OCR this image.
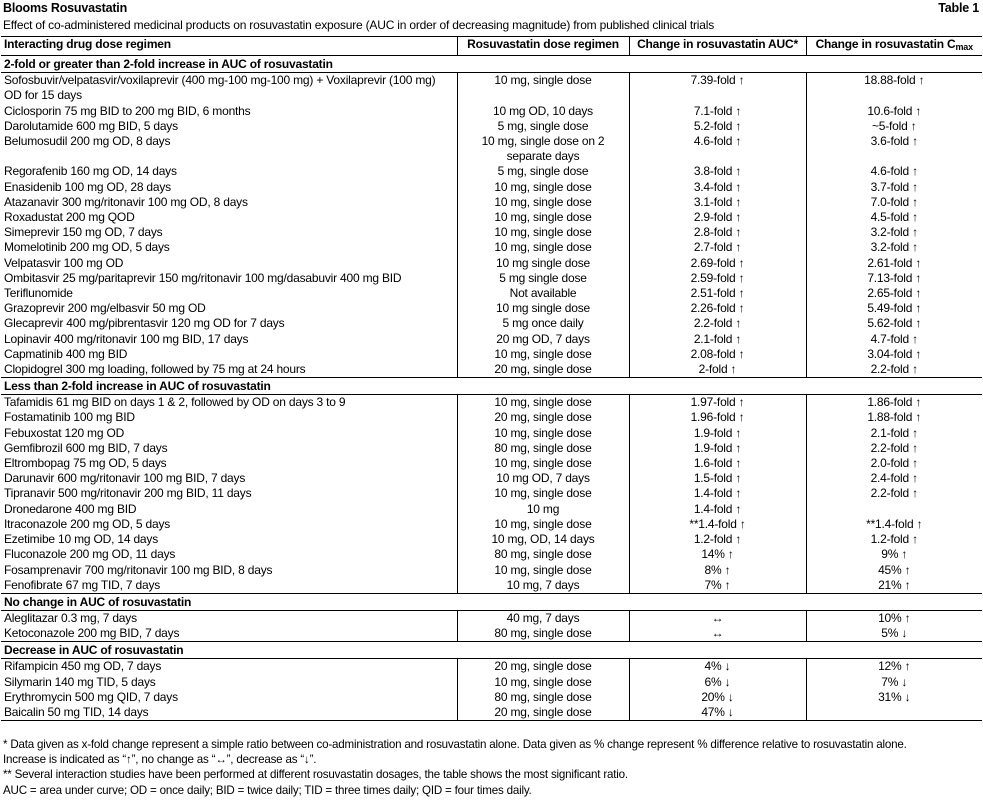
Blooms Rosuvastatin	Table 1
Effect of co-administered medicinal products on rosuvastatin exposure (AUC in order of decreasing magnitude) from published clinical trials
Interacting drug dose regimen	Rosuvastatin dose regimen	Change in rosuvastatin AUC*	Change in rosuvastatin $C_{max}$
2-fold or greater than 2-fold increase in AUC of rosuvastatin			
Sofosbuvir/velpatasvir/voxilaprevir (400 mg-100 mg-100 mg) + Voxilaprevir (100 mg) OD for 15 days	10 mg, single dose	7.39-fold ↑	18.88-fold ↑
Ciclosporin 75 mg BID to 200 mg BID, 6 months	10 mg OD, 10 days	7.1-fold ↑	10.6-fold ↑
Darolutamide 600 mg BID, 5 days	5 mg, single dose	5.2-fold ↑	~5-fold ↑
Belumosudil 200 mg OD, 8 days	10 mg, single dose on 2 separate days	4.6-fold ↑	3.6-fold ↑
Regorafenib 160 mg OD, 14 days	5 mg, single dose	3.8-fold ↑	4.6-fold ↑
Enasidenib 100 mg OD, 28 days	10 mg, single dose	3.4-fold ↑	3.7-fold ↑
Atazanavir 300 mg/ritonavir 100 mg OD, 8 days	10 mg, single dose	3.1-fold ↑	7.0-fold ↑
Roxadustat 200 mg QOD	10 mg, single dose	2.9-fold ↑	4.5-fold ↑
Simeprevir 150 mg OD, 7 days	10 mg, single dose	2.8-fold ↑	3.2-fold ↑
Momelotinib 200 mg OD, 5 days	10 mg, single dose	2.7-fold ↑	3.2-fold ↑
Velpatasvir 100 mg OD	10 mg single dose	2.69-fold ↑	2.61-fold ↑
Ombitasvir 25 mg/paritaprevir 150 mg/ritonavir 100 mg/dasabuvir 400 mg BID	5 mg single dose	2.59-fold ↑	7.13-fold ↑
Teriflunomide	Not available	2.51-fold ↑	2.65-fold ↑
Grazoprevir 200 mg/elbasvir 50 mg OD	10 mg single dose	2.26-fold ↑	5.49-fold ↑
Glecaprevir 400 mg/pibrentasvir 120 mg OD for 7 days	5 mg once daily	2.2-fold ↑	5.62-fold ↑
Lopinavir 400 mg/ritonavir 100 mg BID, 17 days	20 mg OD, 7 days	2.1-fold ↑	4.7-fold ↑
Capmatinib 400 mg BID	10 mg, single dose	2.08-fold ↑	3.04-fold ↑
Clopidogrel 300 mg loading, followed by 75 mg at 24 hours	20 mg, single dose	2-fold ↑	2.2-fold ↑
Less than 2-fold increase in AUC of rosuvastatin			
Tafamidis 61 mg BID on days 1 & 2, followed by OD on days 3 to 9	10 mg, single dose	1.97-fold ↑	1.86-fold ↑
Fostamatinib 100 mg BID	20 mg, single dose	1.96-fold ↑	1.88-fold ↑
Febuxostat 120 mg OD	10 mg, single dose	1.9-fold ↑	2.1-fold ↑
Gemfibrozil 600 mg BID, 7 days	80 mg, single dose	1.9-fold ↑	2.2-fold ↑
Eltrombopag 75 mg OD, 5 days	10 mg, single dose	1.6-fold ↑	2.0-fold ↑
Darunavir 600 mg/ritonavir 100 mg BID, 7 days	10 mg OD, 7 days	1.5-fold ↑	2.4-fold ↑
Tipranavir 500 mg/ritonavir 200 mg BID, 11 days	10 mg, single dose	1.4-fold ↑	2.2-fold ↑
Dronedarone 400 mg BID	10 mg	1.4-fold ↑	
Itraconazole 200 mg OD, 5 days	10 mg, single dose	**1.4-fold ↑	**1.4-fold ↑
Ezetimibe 10 mg OD, 14 days	10 mg, OD, 14 days	1.2-fold ↑	1.2-fold ↑
Fluconazole 200 mg OD, 11 days	80 mg, single dose	14% ↑	9% ↑
Fosamprenavir 700 mg/ritonavir 100 mg BID, 8 days	10 mg, single dose	8% ↑	45% ↑
Fenofibrate 67 mg TID, 7 days	10 mg, 7 days	7% ↑	21% ↑
No change in AUC of rosuvastatin			
Aleglitazar 0.3 mg, 7 days	40 mg, 7 days	↔	10% ↑
Ketoconazole 200 mg BID, 7 days	80 mg, single dose	↔	5% ↓
Decrease in AUC of rosuvastatin			
Rifampicin 450 mg OD, 7 days	20 mg, single dose	4% ↓	12% ↑
Silymarin 140 mg TID, 5 days	10 mg, single dose	6% ↓	7% ↓
Erythromycin 500 mg QID, 7 days	80 mg, single dose	20% ↓	31% ↓
Baicalin 50 mg TID, 14 days	20 mg, single dose	47% ↓	
* Data given as x-fold change represent a simple ratio between co-administration and rosuvastatin alone. Data given as % change represent % difference relative to rosuvastatin alone.
Increase is indicated as “↑”, no change as “↔”, decrease as “↓”.
** Several interaction studies have been performed at different rosuvastatin dosages, the table shows the most significant ratio.
AUC = area under curve; OD = once daily; BID = twice daily; TID = three times daily; QID = four times daily.
